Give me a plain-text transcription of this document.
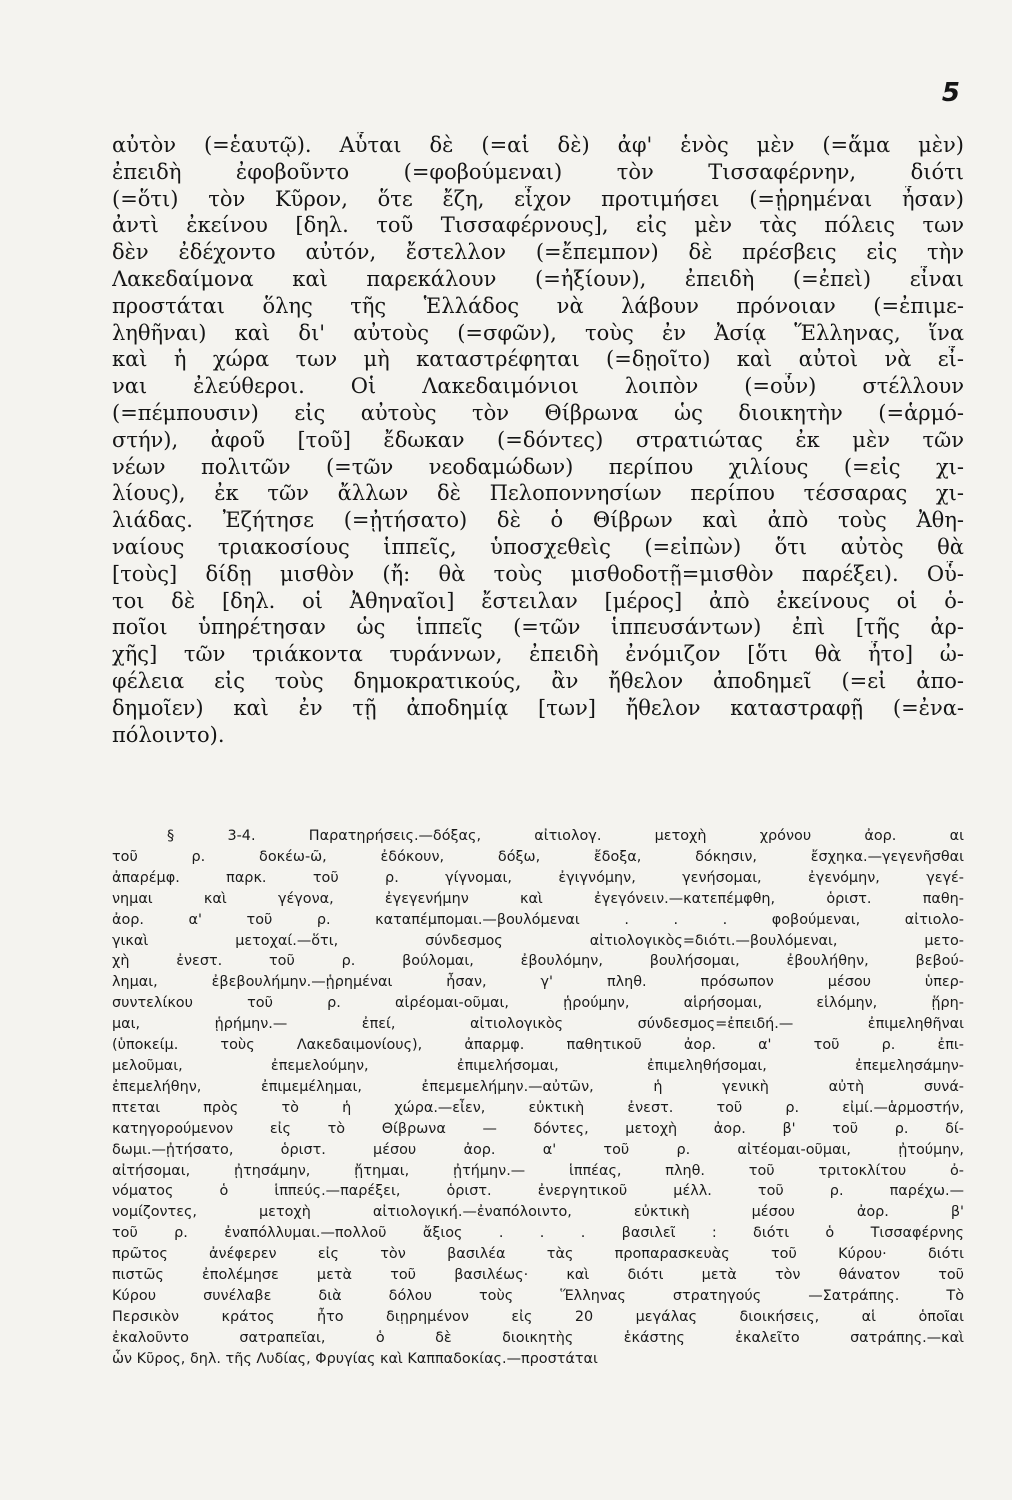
5
αὐτὸν (=ἑαυτῷ). Αὗται δὲ (=αἱ δὲ) ἀφ' ἑνὸς μὲν (=ἅμα μὲν)
ἐπειδὴ ἐφοβοῦντο (=φοβούμεναι) τὸν Τισσαφέρνην, διότι
(=ὅτι) τὸν Κῦρον, ὅτε ἔζη, εἶχον προτιμήσει (=ᾑρημέναι ἦσαν)
ἀντὶ ἐκείνου [δηλ. τοῦ Τισσαφέρνους], εἰς μὲν τὰς πόλεις των
δὲν ἐδέχοντο αὐτόν, ἔστελλον (=ἔπεμπον) δὲ πρέσβεις εἰς τὴν
Λακεδαίμονα καὶ παρεκάλουν (=ἠξίουν), ἐπειδὴ (=ἐπεὶ) εἶναι
προστάται ὅλης τῆς Ἑλλάδος νὰ λάβουν πρόνοιαν (=ἐπιμε-
ληθῆναι) καὶ δι' αὐτοὺς (=σφῶν), τοὺς ἐν Ἀσίᾳ Ἕλληνας, ἵνα
καὶ ἡ χώρα των μὴ καταστρέφηται (=δῃοῖτο) καὶ αὐτοὶ νὰ εἶ-
ναι ἐλεύθεροι. Οἱ Λακεδαιμόνιοι λοιπὸν (=οὖν) στέλλουν
(=πέμπουσιν) εἰς αὐτοὺς τὸν Θίβρωνα ὡς διοικητὴν (=ἁρμό-
στήν), ἀφοῦ [τοῦ] ἔδωκαν (=δόντες) στρατιώτας ἐκ μὲν τῶν
νέων πολιτῶν (=τῶν νεοδαμώδων) περίπου χιλίους (=εἰς χι-
λίους), ἐκ τῶν ἄλλων δὲ Πελοποννησίων περίπου τέσσαρας χι-
λιάδας. Ἐζήτησε (=ᾐτήσατο) δὲ ὁ Θίβρων καὶ ἀπὸ τοὺς Ἀθη-
ναίους τριακοσίους ἱππεῖς, ὑποσχεθεὶς (=εἰπὼν) ὅτι αὐτὸς θὰ
[τοὺς] δίδῃ μισθὸν (ἤ: θὰ τοὺς μισθοδοτῇ=μισθὸν παρέξει). Οὗ-
τοι δὲ [δηλ. οἱ Ἀθηναῖοι] ἔστειλαν [μέρος] ἀπὸ ἐκείνους οἱ ὁ-
ποῖοι ὑπηρέτησαν ὡς ἱππεῖς (=τῶν ἱππευσάντων) ἐπὶ [τῆς ἀρ-
χῆς] τῶν τριάκοντα τυράννων, ἐπειδὴ ἐνόμιζον [ὅτι θὰ ἦτο] ὠ-
φέλεια εἰς τοὺς δημοκρατικούς, ἂν ἤθελον ἀποδημεῖ (=εἰ ἀπο-
δημοῖεν) καὶ ἐν τῇ ἀποδημίᾳ [των] ἤθελον καταστραφῇ (=ἐνα-
πόλοιντο).
§ 3-4. Παρατηρήσεις.—δόξας, αἰτιολογ. μετοχὴ χρόνου ἀορ. αι
τοῦ ρ. δοκέω-ῶ, ἐδόκουν, δόξω, ἔδοξα, δόκησιν, ἔσχηκα.—γεγενῆσθαι
ἀπαρέμφ. παρκ. τοῦ ρ. γίγνομαι, ἐγιγνόμην, γενήσομαι, ἐγενόμην, γεγέ-
νημαι καὶ γέγονα, ἐγεγενήμην καὶ ἐγεγόνειν.—κατεπέμφθη, ὁριστ. παθη-
ἀορ. α' τοῦ ρ. καταπέμπομαι.—βουλόμεναι . . . φοβούμεναι, αἰτιολο-
γικαὶ μετοχαί.—ὅτι, σύνδεσμος αἰτιολογικὸς=διότι.—βουλόμεναι, μετο-
χὴ ἐνεστ. τοῦ ρ. βούλομαι, ἐβουλόμην, βουλήσομαι, ἐβουλήθην, βεβού-
λημαι, ἐβεβουλήμην.—ᾑρημέναι ἦσαν, γ' πληθ. πρόσωπον μέσου ὑπερ-
συντελίκου τοῦ ρ. αἱρέομαι-οῦμαι, ᾑρούμην, αἱρήσομαι, εἱλόμην, ᾕρη-
μαι, ᾑρήμην.— ἐπεί, αἰτιολογικὸς σύνδεσμος=ἐπειδή.— ἐπιμεληθῆναι
(ὑποκείμ. τοὺς Λακεδαιμονίους), ἀπαρμφ. παθητικοῦ ἀορ. α' τοῦ ρ. ἐπι-
μελοῦμαι, ἐπεμελούμην, ἐπιμελήσομαι, ἐπιμεληθήσομαι, ἐπεμελησάμην-
ἐπεμελήθην, ἐπιμεμέλημαι, ἐπεμεμελήμην.—αὐτῶν, ἡ γενικὴ αὐτὴ συνά-
πτεται πρὸς τὸ ἡ χώρα.—εἶεν, εὐκτικὴ ἐνεστ. τοῦ ρ. εἰμί.—ἁρμοστήν,
κατηγορούμενον εἰς τὸ Θίβρωνα — δόντες, μετοχὴ ἀορ. β' τοῦ ρ. δί-
δωμι.—ᾐτήσατο, ὁριστ. μέσου ἀορ. α' τοῦ ρ. αἰτέομαι-οῦμαι, ᾐτούμην,
αἰτήσομαι, ᾐτησάμην, ᾔτημαι, ᾐτήμην.— ἱππέας, πληθ. τοῦ τριτοκλίτου ὀ-
νόματος ὁ ἱππεύς.—παρέξει, ὁριστ. ἐνεργητικοῦ μέλλ. τοῦ ρ. παρέχω.—
νομίζοντες, μετοχὴ αἰτιολογική.—ἐναπόλοιντο, εὐκτικὴ μέσου ἀορ. β'
τοῦ ρ. ἐναπόλλυμαι.—πολλοῦ ἄξιος . . . βασιλεῖ : διότι ὁ Τισσαφέρνης
πρῶτος ἀνέφερεν εἰς τὸν βασιλέα τὰς προπαρασκευὰς τοῦ Κύρου· διότι
πιστῶς ἐπολέμησε μετὰ τοῦ βασιλέως· καὶ διότι μετὰ τὸν θάνατον τοῦ
Κύρου συνέλαβε διὰ δόλου τοὺς Ἕλληνας στρατηγούς —Σατράπης. Τὸ
Περσικὸν κράτος ἦτο διῃρημένον εἰς 20 μεγάλας διοικήσεις, αἱ ὁποῖαι
ἐκαλοῦντο σατραπεῖαι, ὁ δὲ διοικητὴς ἑκάστης ἐκαλεῖτο σατράπης.—καὶ
ὧν Κῦρος, δηλ. τῆς Λυδίας, Φρυγίας καὶ Καππαδοκίας.—προστάται
